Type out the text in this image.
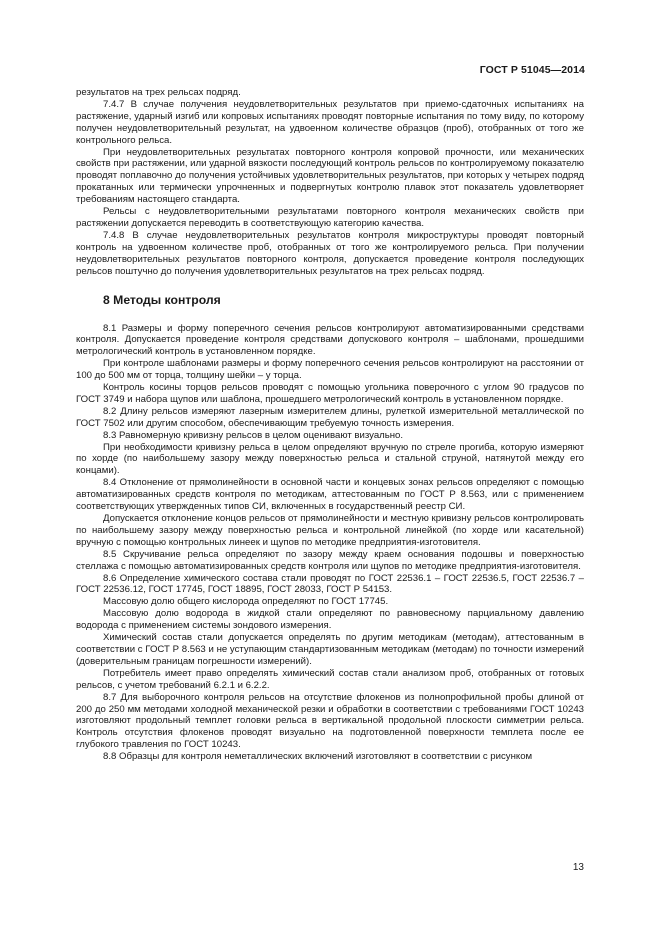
ГОСТ Р 51045—2014

результатов на трех рельсах подряд.

7.4.7 В случае получения неудовлетворительных результатов при приемо-сдаточных испытаниях на растяжение, ударный изгиб или копровых испытаниях проводят повторные испытания по тому виду, по которому получен неудовлетворительный результат, на удвоенном количестве образцов (проб), отобранных от того же контрольного рельса.

При неудовлетворительных результатах повторного контроля копровой прочности, или механических свойств при растяжении, или ударной вязкости последующий контроль рельсов по контролируемому показателю проводят поплавочно до получения устойчивых удовлетворительных результатов, при которых у четырех подряд прокатанных или термически упрочненных и подвергнутых контролю плавок этот показатель удовлетворяет требованиям настоящего стандарта.

Рельсы с неудовлетворительными результатами повторного контроля механических свойств при растяжении допускается переводить в соответствующую категорию качества.

7.4.8 В случае неудовлетворительных результатов контроля микроструктуры проводят повторный контроль на удвоенном количестве проб, отобранных от того же контролируемого рельса. При получении неудовлетворительных результатов повторного контроля, допускается проведение контроля последующих рельсов поштучно до получения удовлетворительных результатов на трех рельсах подряд.

8 Методы контроля

8.1 Размеры и форму поперечного сечения рельсов контролируют автоматизированными средствами контроля. Допускается проведение контроля средствами допускового контроля – шаблонами, прошедшими метрологический контроль в установленном порядке.

При контроле шаблонами размеры и форму поперечного сечения рельсов контролируют на расстоянии от 100 до 500 мм от торца, толщину шейки – у торца.

Контроль косины торцов рельсов проводят с помощью угольника поверочного с углом 90 градусов по ГОСТ 3749 и набора щупов или шаблона, прошедшего метрологический контроль в установленном порядке.

8.2 Длину рельсов измеряют лазерным измерителем длины, рулеткой измерительной металлической по ГОСТ 7502 или другим способом, обеспечивающим требуемую точность измерения.

8.3 Равномерную кривизну рельсов в целом оценивают визуально.

При необходимости кривизну рельса в целом определяют вручную по стреле прогиба, которую измеряют по хорде (по наибольшему зазору между поверхностью рельса и стальной струной, натянутой между его концами).

8.4 Отклонение от прямолинейности в основной части и концевых зонах рельсов определяют с помощью автоматизированных средств контроля по методикам, аттестованным по ГОСТ Р 8.563, или с применением соответствующих утвержденных типов СИ, включенных в государственный реестр СИ.

Допускается отклонение концов рельсов от прямолинейности и местную кривизну рельсов контролировать по наибольшему зазору между поверхностью рельса и контрольной линейкой (по хорде или касательной) вручную с помощью контрольных линеек и щупов по методике предприятия-изготовителя.

8.5 Скручивание рельса определяют по зазору между краем основания подошвы и поверхностью стеллажа с помощью автоматизированных средств контроля или щупов по методике предприятия-изготовителя.

8.6 Определение химического состава стали проводят по ГОСТ 22536.1 – ГОСТ 22536.5, ГОСТ 22536.7 – ГОСТ 22536.12, ГОСТ 17745, ГОСТ 18895, ГОСТ 28033, ГОСТ Р 54153.

Массовую долю общего кислорода определяют по ГОСТ 17745.

Массовую долю водорода в жидкой стали определяют по равновесному парциальному давлению водорода с применением системы зондового измерения.

Химический состав стали допускается определять по другим методикам (методам), аттестованным в соответствии с ГОСТ Р 8.563 и не уступающим стандартизованным методикам (методам) по точности измерений (доверительным границам погрешности измерений).

Потребитель имеет право определять химический состав стали анализом проб, отобранных от готовых рельсов, с учетом требований 6.2.1 и 6.2.2.

8.7 Для выборочного контроля рельсов на отсутствие флокенов из полнопрофильной пробы длиной от 200 до 250 мм методами холодной механической резки и обработки в соответствии с требованиями ГОСТ 10243 изготовляют продольный темплет головки рельса в вертикальной продольной плоскости симметрии рельса. Контроль отсутствия флокенов проводят визуально на подготовленной поверхности темплета после ее глубокого травления по ГОСТ 10243.

8.8 Образцы для контроля неметаллических включений изготовляют в соответствии с рисунком

13
